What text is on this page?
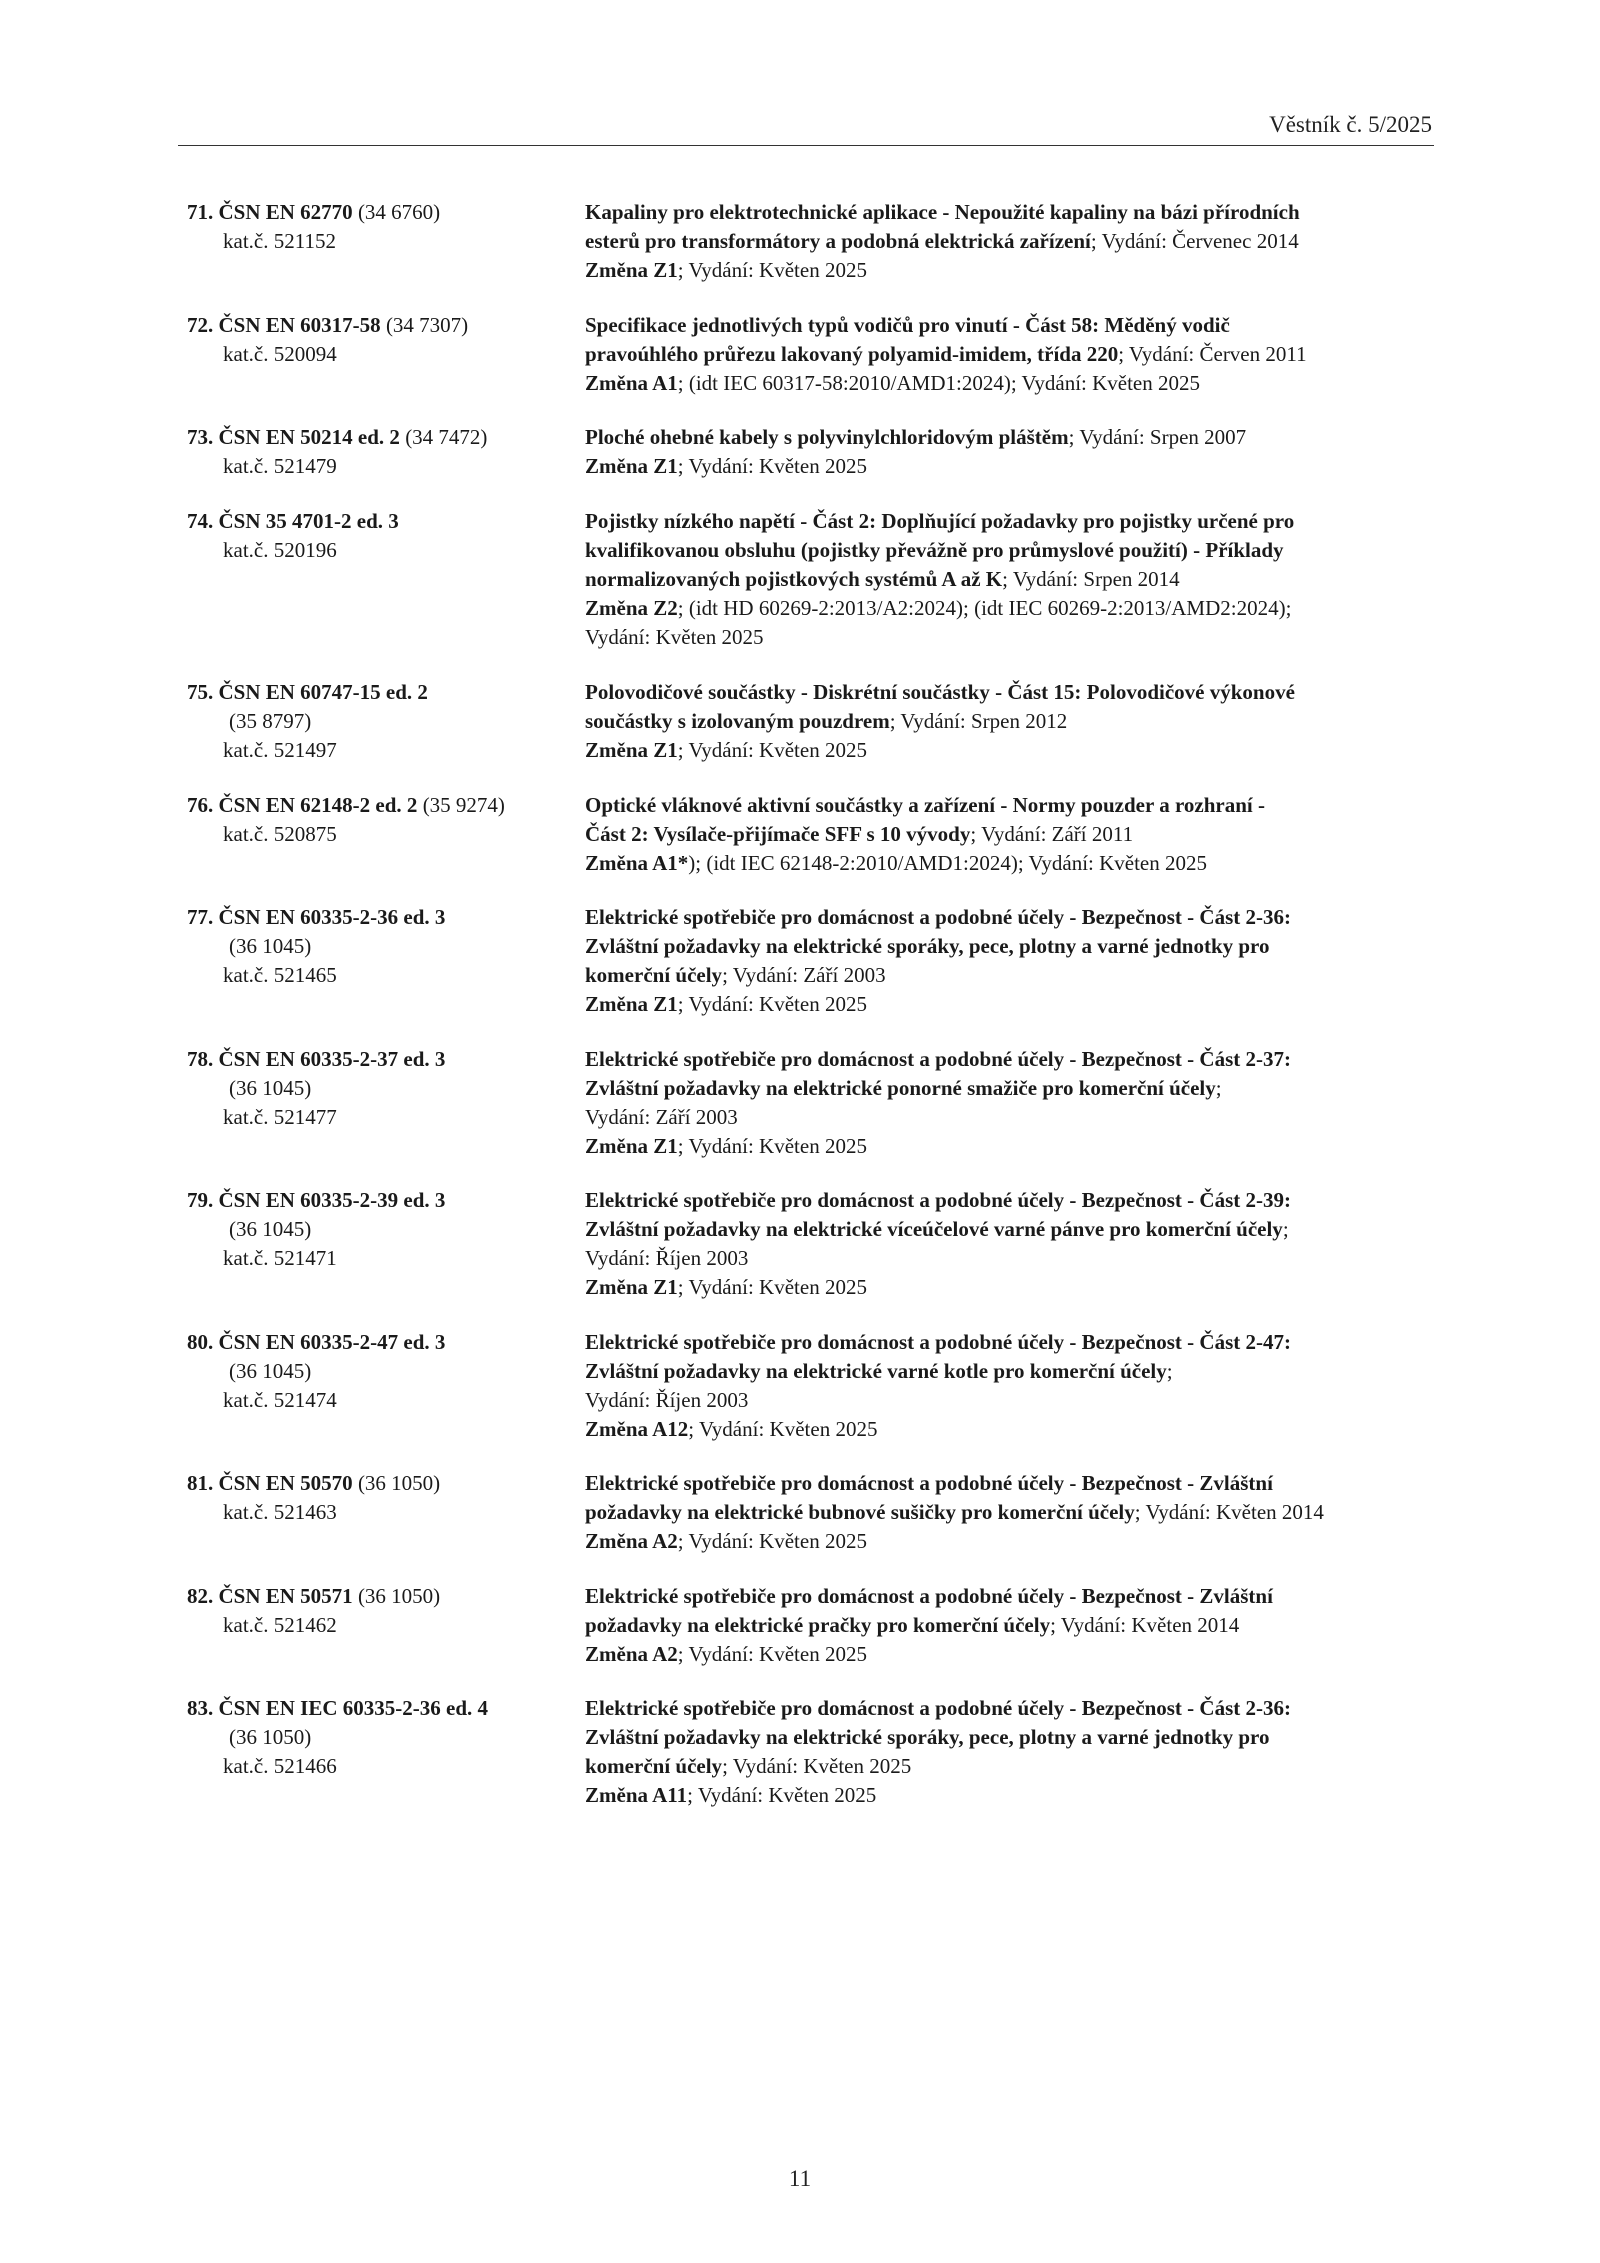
Věstník č. 5/2025
71. ČSN EN 62770 (34 6760)
kat.č. 521152
Kapaliny pro elektrotechnické aplikace - Nepoužité kapaliny na bázi přírodních
esterů pro transformátory a podobná elektrická zařízení; Vydání: Červenec 2014
Změna Z1; Vydání: Květen 2025
72. ČSN EN 60317-58 (34 7307)
kat.č. 520094
Specifikace jednotlivých typů vodičů pro vinutí - Část 58: Měděný vodič
pravoúhlého průřezu lakovaný polyamid-imidem, třída 220; Vydání: Červen 2011
Změna A1; (idt IEC 60317-58:2010/AMD1:2024); Vydání: Květen 2025
73. ČSN EN 50214 ed. 2 (34 7472)
kat.č. 521479
Ploché ohebné kabely s polyvinylchloridovým pláštěm; Vydání: Srpen 2007
Změna Z1; Vydání: Květen 2025
74. ČSN 35 4701-2 ed. 3
kat.č. 520196
Pojistky nízkého napětí - Část 2: Doplňující požadavky pro pojistky určené pro
kvalifikovanou obsluhu (pojistky převážně pro průmyslové použití) - Příklady
normalizovaných pojistkových systémů A až K; Vydání: Srpen 2014
Změna Z2; (idt HD 60269-2:2013/A2:2024); (idt IEC 60269-2:2013/AMD2:2024);
Vydání: Květen 2025
75. ČSN EN 60747-15 ed. 2
(35 8797)
kat.č. 521497
Polovodičové součástky - Diskrétní součástky - Část 15: Polovodičové výkonové
součástky s izolovaným pouzdrem; Vydání: Srpen 2012
Změna Z1; Vydání: Květen 2025
76. ČSN EN 62148-2 ed. 2 (35 9274)
kat.č. 520875
Optické vláknové aktivní součástky a zařízení - Normy pouzder a rozhraní -
Část 2: Vysílače-přijímače SFF s 10 vývody; Vydání: Září 2011
Změna A1*); (idt IEC 62148-2:2010/AMD1:2024); Vydání: Květen 2025
77. ČSN EN 60335-2-36 ed. 3
(36 1045)
kat.č. 521465
Elektrické spotřebiče pro domácnost a podobné účely - Bezpečnost - Část 2-36:
Zvláštní požadavky na elektrické sporáky, pece, plotny a varné jednotky pro
komerční účely; Vydání: Září 2003
Změna Z1; Vydání: Květen 2025
78. ČSN EN 60335-2-37 ed. 3
(36 1045)
kat.č. 521477
Elektrické spotřebiče pro domácnost a podobné účely - Bezpečnost - Část 2-37:
Zvláštní požadavky na elektrické ponorné smažiče pro komerční účely;
Vydání: Září 2003
Změna Z1; Vydání: Květen 2025
79. ČSN EN 60335-2-39 ed. 3
(36 1045)
kat.č. 521471
Elektrické spotřebiče pro domácnost a podobné účely - Bezpečnost - Část 2-39:
Zvláštní požadavky na elektrické víceúčelové varné pánve pro komerční účely;
Vydání: Říjen 2003
Změna Z1; Vydání: Květen 2025
80. ČSN EN 60335-2-47 ed. 3
(36 1045)
kat.č. 521474
Elektrické spotřebiče pro domácnost a podobné účely - Bezpečnost - Část 2-47:
Zvláštní požadavky na elektrické varné kotle pro komerční účely;
Vydání: Říjen 2003
Změna A12; Vydání: Květen 2025
81. ČSN EN 50570 (36 1050)
kat.č. 521463
Elektrické spotřebiče pro domácnost a podobné účely - Bezpečnost - Zvláštní
požadavky na elektrické bubnové sušičky pro komerční účely; Vydání: Květen 2014
Změna A2; Vydání: Květen 2025
82. ČSN EN 50571 (36 1050)
kat.č. 521462
Elektrické spotřebiče pro domácnost a podobné účely - Bezpečnost - Zvláštní
požadavky na elektrické pračky pro komerční účely; Vydání: Květen 2014
Změna A2; Vydání: Květen 2025
83. ČSN EN IEC 60335-2-36 ed. 4
(36 1050)
kat.č. 521466
Elektrické spotřebiče pro domácnost a podobné účely - Bezpečnost - Část 2-36:
Zvláštní požadavky na elektrické sporáky, pece, plotny a varné jednotky pro
komerční účely; Vydání: Květen 2025
Změna A11; Vydání: Květen 2025
11
